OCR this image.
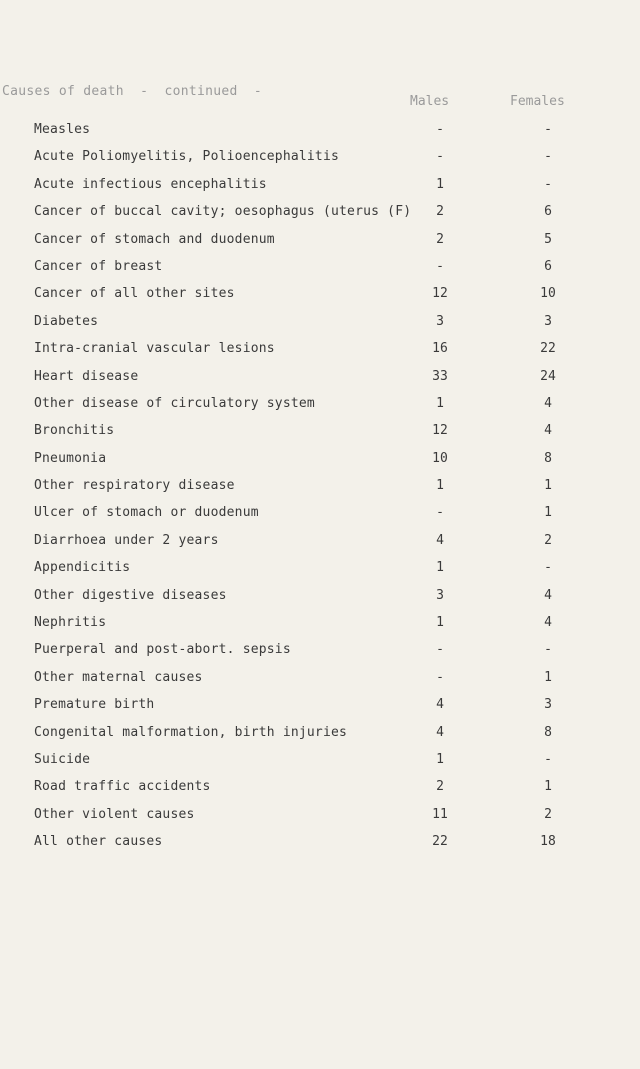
Causes of death  -  continued  -
Males	Females
Measles	-	-
Acute Poliomyelitis, Polioencephalitis	-	-
Acute infectious encephalitis	1	-
Cancer of buccal cavity; oesophagus (uterus (F)	2	6
Cancer of stomach and duodenum	2	5
Cancer of breast	-	6
Cancer of all other sites	12	10
Diabetes	3	3
Intra-cranial vascular lesions	16	22
Heart disease	33	24
Other disease of circulatory system	1	4
Bronchitis	12	4
Pneumonia	10	8
Other respiratory disease	1	1
Ulcer of stomach or duodenum	-	1
Diarrhoea under 2 years	4	2
Appendicitis	1	-
Other digestive diseases	3	4
Nephritis	1	4
Puerperal and post-abort. sepsis	-	-
Other maternal causes	-	1
Premature birth	4	3
Congenital malformation, birth injuries	4	8
Suicide	1	-
Road traffic accidents	2	1
Other violent causes	11	2
All other causes	22	18
